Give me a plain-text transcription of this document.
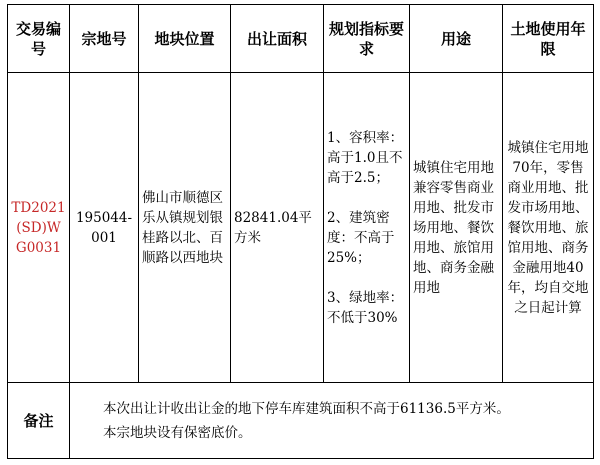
交易编号	宗地号	地块位置	出让面积	规划指标要求	用途	土地使用年限
TD2021(SD)WG0031	195044-001	佛山市顺德区乐从镇规划银桂路以北、百顺路以西地块	82841.04平方米	1、容积率：高于1.0且不高于2.5；

2、建筑密度：不高于25%；

3、绿地率：不低于30%	城镇住宅用地兼容零售商业用地、批发市场用地、餐饮用地、旅馆用地、商务金融用地	城镇住宅用地70年，零售商业用地、批发市场用地、餐饮用地、旅馆用地、商务金融用地40年，均自交地之日起计算
备注	本次出让计收出让金的地下停车库建筑面积不高于61136.5平方米。

本宗地块设有保密底价。					
